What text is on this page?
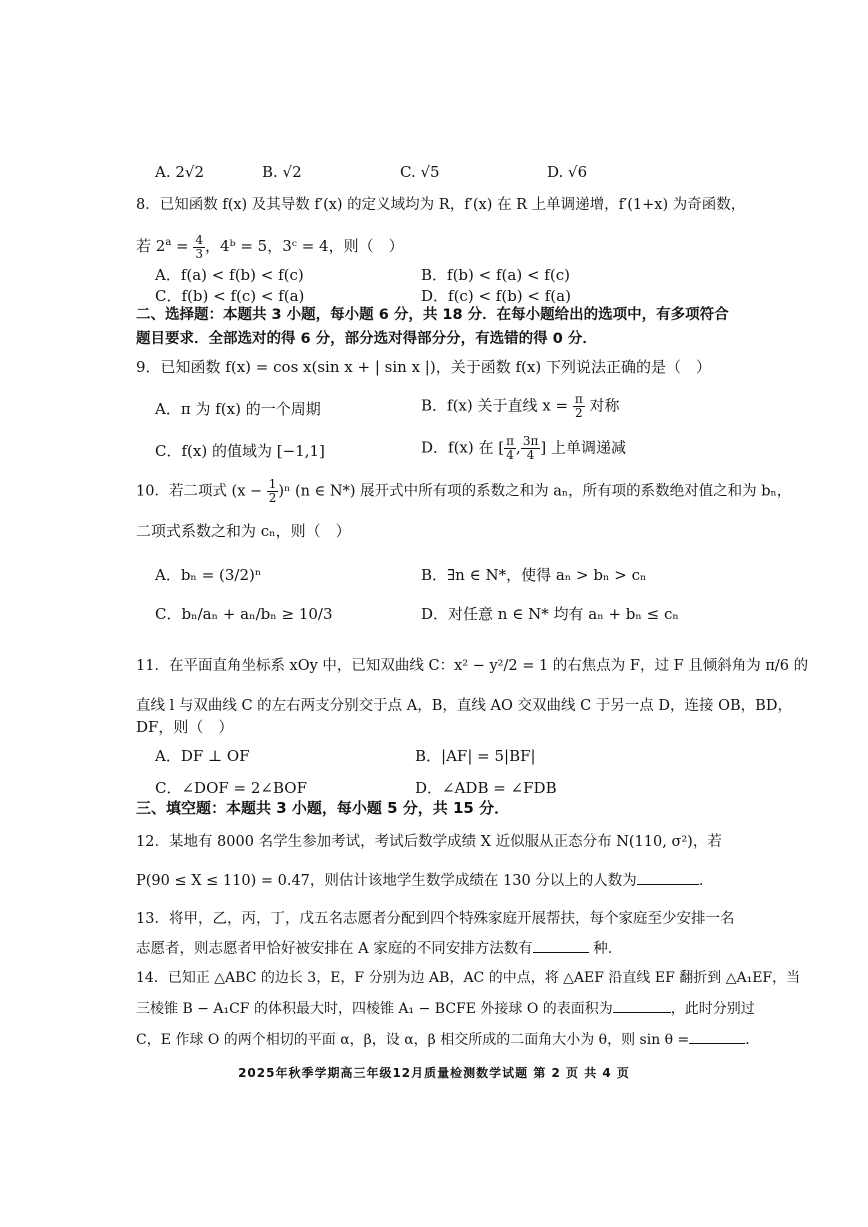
A. 2√2	B. √2	C. √5	D. √6
8．已知函数 f(x) 及其导数 f′(x) 的定义域均为 R，f′(x) 在 R 上单调递增，f′(1+x) 为奇函数，
若 $2^a = \frac{4}{3}$ ，4ᵇ = 5，3ᶜ = 4，则（　）
A．f(a) < f(b) < f(c)	B．f(b) < f(a) < f(c)
C．f(b) < f(c) < f(a)	D．f(c) < f(b) < f(a)
二、选择题：本题共 3 小题，每小题 6 分，共 18 分．在每小题给出的选项中，有多项符合
题目要求．全部选对的得 6 分，部分选对得部分分，有选错的得 0 分．
9．已知函数 f(x) = cos x(sin x + | sin x |)，关于函数 f(x) 下列说法正确的是（　）
A．π 为 f(x) 的一个周期	B．f(x) 关于直线 $x = \frac{\pi}{2}$ 对称
C．f(x) 的值域为 [−1,1]	D．f(x) 在 [ $\frac{\pi}{4}$ , $\frac{3\pi}{4}$ ] 上单调递减
10．若二项式 $(x - \frac{1}{2} )^n$ (n ∈ N*) 展开式中所有项的系数之和为 aₙ，所有项的系数绝对值之和为 bₙ，
二项式系数之和为 cₙ，则（　）
A．bₙ = (3/2)ⁿ	B．∃n ∈ N*，使得 aₙ > bₙ > cₙ
C．bₙ/aₙ + aₙ/bₙ ≥ 10/3	D．对任意 n ∈ N* 均有 aₙ + bₙ ≤ cₙ
11．在平面直角坐标系 xOy 中，已知双曲线 C：x² − y²/2 = 1 的右焦点为 F，过 F 且倾斜角为 π/6 的
直线 l 与双曲线 C 的左右两支分别交于点 A，B，直线 AO 交双曲线 C 于另一点 D，连接 OB，BD，
DF，则（　）
A．DF ⊥ OF	B．|AF| = 5|BF|
C．∠DOF = 2∠BOF	D．∠ADB = ∠FDB
三、填空题：本题共 3 小题，每小题 5 分，共 15 分．
12．某地有 8000 名学生参加考试，考试后数学成绩 X 近似服从正态分布 N(110, σ²)，若
P(90 ≤ X ≤ 110) = 0.47，则估计该地学生数学成绩在 130 分以上的人数为	．
13．将甲，乙，丙，丁，戊五名志愿者分配到四个特殊家庭开展帮扶，每个家庭至少安排一名
志愿者，则志愿者甲恰好被安排在 A 家庭的不同安排方法数有	种．
14．已知正 △ABC 的边长 3，E，F 分别为边 AB，AC 的中点，将 △AEF 沿直线 EF 翻折到 △A₁EF，当
三棱锥 B − A₁CF 的体积最大时，四棱锥 A₁ − BCFE 外接球 O 的表面积为	，此时分别过
C，E 作球 O 的两个相切的平面 α，β，设 α，β 相交所成的二面角大小为 θ，则 sin θ =	．
2025年秋季学期高三年级12月质量检测数学试题 第 2 页 共 4 页
